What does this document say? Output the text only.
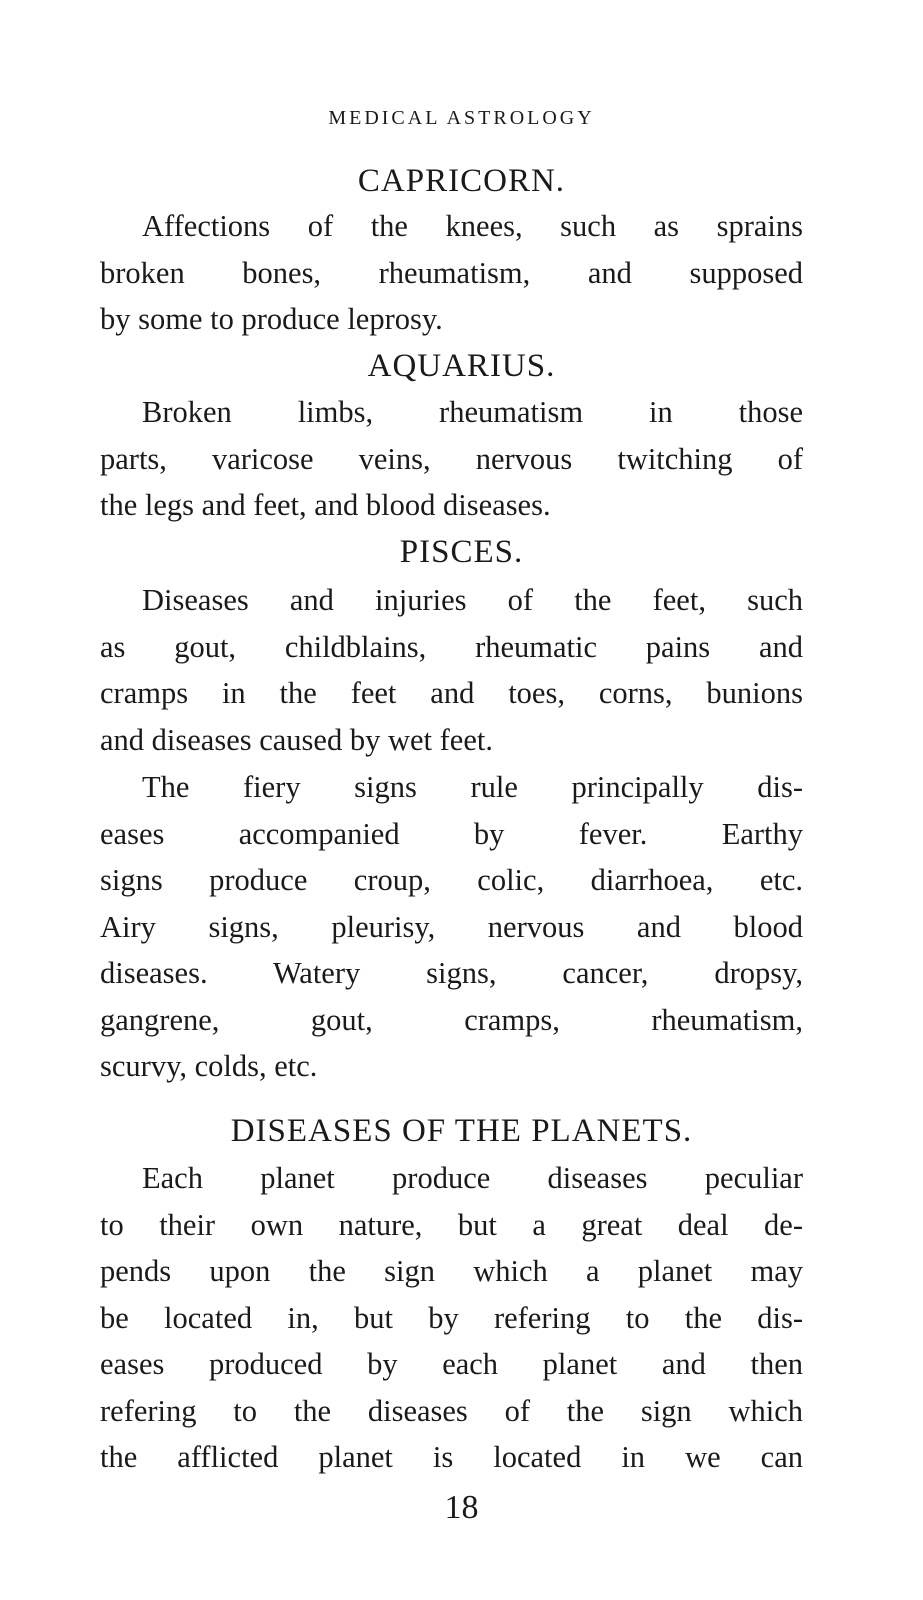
MEDICAL ASTROLOGY
CAPRICORN.
Affections of the knees, such as sprains
broken bones, rheumatism, and supposed
by some to produce leprosy.
AQUARIUS.
Broken limbs, rheumatism in those
parts, varicose veins, nervous twitching of
the legs and feet, and blood diseases.
PISCES.
Diseases and injuries of the feet, such
as gout, childblains, rheumatic pains and
cramps in the feet and toes, corns, bunions
and diseases caused by wet feet.
The fiery signs rule principally dis-
eases accompanied by fever. Earthy
signs produce croup, colic, diarrhoea, etc.
Airy signs, pleurisy, nervous and blood
diseases. Watery signs, cancer, dropsy,
gangrene, gout, cramps, rheumatism,
scurvy, colds, etc.
DISEASES OF THE PLANETS.
Each planet produce diseases peculiar
to their own nature, but a great deal de-
pends upon the sign which a planet may
be located in, but by refering to the dis-
eases produced by each planet and then
refering to the diseases of the sign which
the afflicted planet is located in we can
18
